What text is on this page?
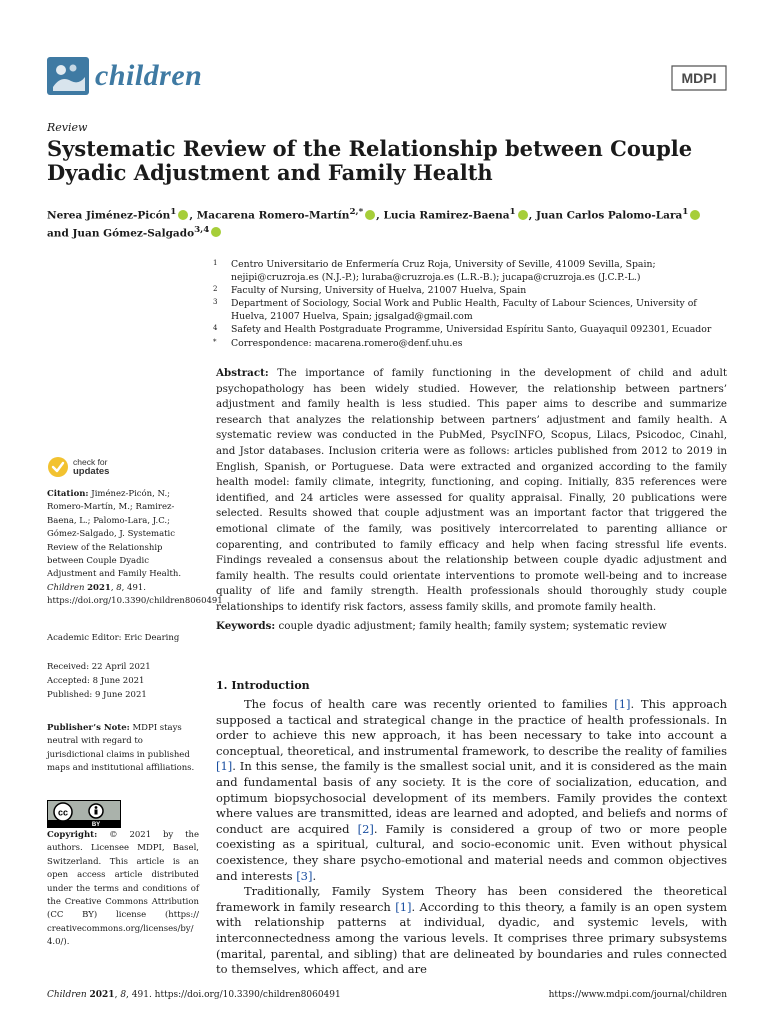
children	MDPI
Review
Systematic Review of the Relationship between Couple Dyadic Adjustment and Family Health
Nerea Jiménez-Picón$^1$ , Macarena Romero-Martín$^{2,*}$ , Lucia Ramirez-Baena$^1$ , Juan Carlos Palomo-Lara$^1$
and Juan Gómez-Salgado$^{3,4}$
1 Centro Universitario de Enfermería Cruz Roja, University of Seville, 41009 Sevilla, Spain; nejipi@cruzroja.es (N.J.-P.); luraba@cruzroja.es (L.R.-B.); jucapa@cruzroja.es (J.C.P.-L.)
2 Faculty of Nursing, University of Huelva, 21007 Huelva, Spain
3 Department of Sociology, Social Work and Public Health, Faculty of Labour Sciences, University of Huelva, 21007 Huelva, Spain; jgsalgad@gmail.com
4 Safety and Health Postgraduate Programme, Universidad Espíritu Santo, Guayaquil 092301, Ecuador
* Correspondence: macarena.romero@denf.uhu.es

Abstract: The importance of family functioning in the development of child and adult psychopathology has been widely studied. However, the relationship between partners’ adjustment and family health is less studied. This paper aims to describe and summarize research that analyzes the relationship between partners’ adjustment and family health. A systematic review was conducted in the PubMed, PsycINFO, Scopus, Lilacs, Psicodoc, Cinahl, and Jstor databases. Inclusion criteria were as follows: articles published from 2012 to 2019 in English, Spanish, or Portuguese. Data were extracted and organized according to the family health model: family climate, integrity, functioning, and coping. Initially, 835 references were identified, and 24 articles were assessed for quality appraisal. Finally, 20 publications were selected. Results showed that couple adjustment was an important factor that triggered the emotional climate of the family, was positively intercorrelated to parenting alliance or coparenting, and contributed to family efficacy and help when facing stressful life events. Findings revealed a consensus about the relationship between couple dyadic adjustment and family health. The results could orientate interventions to promote well-being and to increase quality of life and family strength. Health professionals should thoroughly study couple relationships to identify risk factors, assess family skills, and promote family health.

Keywords: couple dyadic adjustment; family health; family system; systematic review
check for
updates

Citation: Jiménez-Picón, N.; Romero-Martín, M.; Ramirez-Baena, L.; Palomo-Lara, J.C.; Gómez-Salgado, J. Systematic Review of the Relationship between Couple Dyadic Adjustment and Family Health. Children 2021, 8, 491. https://doi.org/10.3390/children8060491

Academic Editor: Eric Dearing
Received: 22 April 2021
Accepted: 8 June 2021
Published: 9 June 2021

Publisher’s Note: MDPI stays neutral with regard to jurisdictional claims in published maps and institutional affiliations.

cc
BY

Copyright: © 2021 by the authors. Licensee MDPI, Basel, Switzerland. This article is an open access article distributed under the terms and conditions of the Creative Commons Attribution (CC BY) license (https:// creativecommons.org/licenses/by/ 4.0/).

1. Introduction

The focus of health care was recently oriented to families [1]. This approach supposed a tactical and strategical change in the practice of health professionals. In order to achieve this new approach, it has been necessary to take into account a conceptual, theoretical, and instrumental framework, to describe the reality of families [1]. In this sense, the family is the smallest social unit, and it is considered as the main and fundamental basis of any society. It is the core of socialization, education, and optimum biopsychosocial development of its members. Family provides the context where values are transmitted, ideas are learned and adopted, and beliefs and norms of conduct are acquired [2]. Family is considered a group of two or more people coexisting as a spiritual, cultural, and socio-economic unit. Even without physical coexistence, they share psycho-emotional and material needs and common objectives and interests [3].

Traditionally, Family System Theory has been considered the theoretical framework in family research [1]. According to this theory, a family is an open system with relationship patterns at individual, dyadic, and systemic levels, with interconnectedness among the various levels. It comprises three primary subsystems (marital, parental, and sibling) that are delineated by boundaries and rules connected to themselves, which affect, and are

Children 2021, 8, 491. https://doi.org/10.3390/children8060491	https://www.mdpi.com/journal/children
